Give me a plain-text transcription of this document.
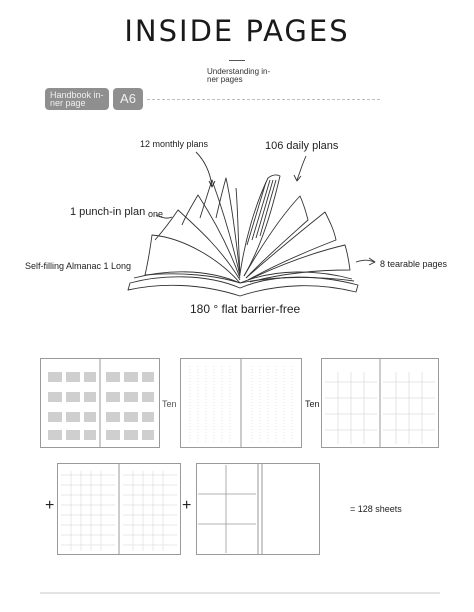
INSIDE PAGES
Understanding in-ner pages
Handbook in-ner page	A6
12 monthly plans	106 daily plans
1 punch-in plan one
Self-filling Almanac 1 Long	8 tearable pages
180 ° flat barrier-free
Ten	Ten
+	+	= 128 sheets
